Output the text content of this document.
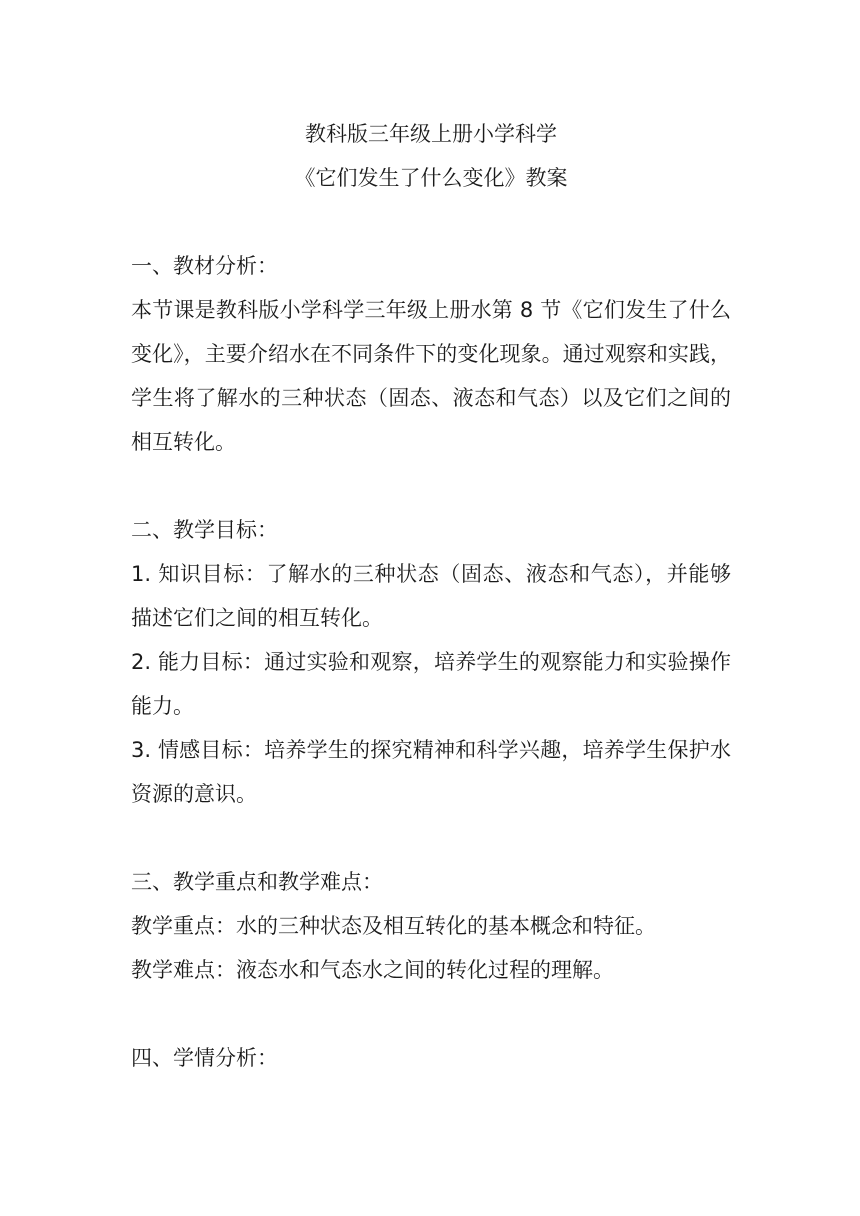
教科版三年级上册小学科学
《它们发生了什么变化》教案
一、教材分析：

本节课是教科版小学科学三年级上册水第 8 节《它们发生了什么变化》，主要介绍水在不同条件下的变化现象。通过观察和实践，学生将了解水的三种状态（固态、液态和气态）以及它们之间的相互转化。

二、教学目标：

1. 知识目标：了解水的三种状态（固态、液态和气态），并能够描述它们之间的相互转化。

2. 能力目标：通过实验和观察，培养学生的观察能力和实验操作能力。

3. 情感目标：培养学生的探究精神和科学兴趣，培养学生保护水资源的意识。

三、教学重点和教学难点：

教学重点：水的三种状态及相互转化的基本概念和特征。

教学难点：液态水和气态水之间的转化过程的理解。

四、学情分析：
